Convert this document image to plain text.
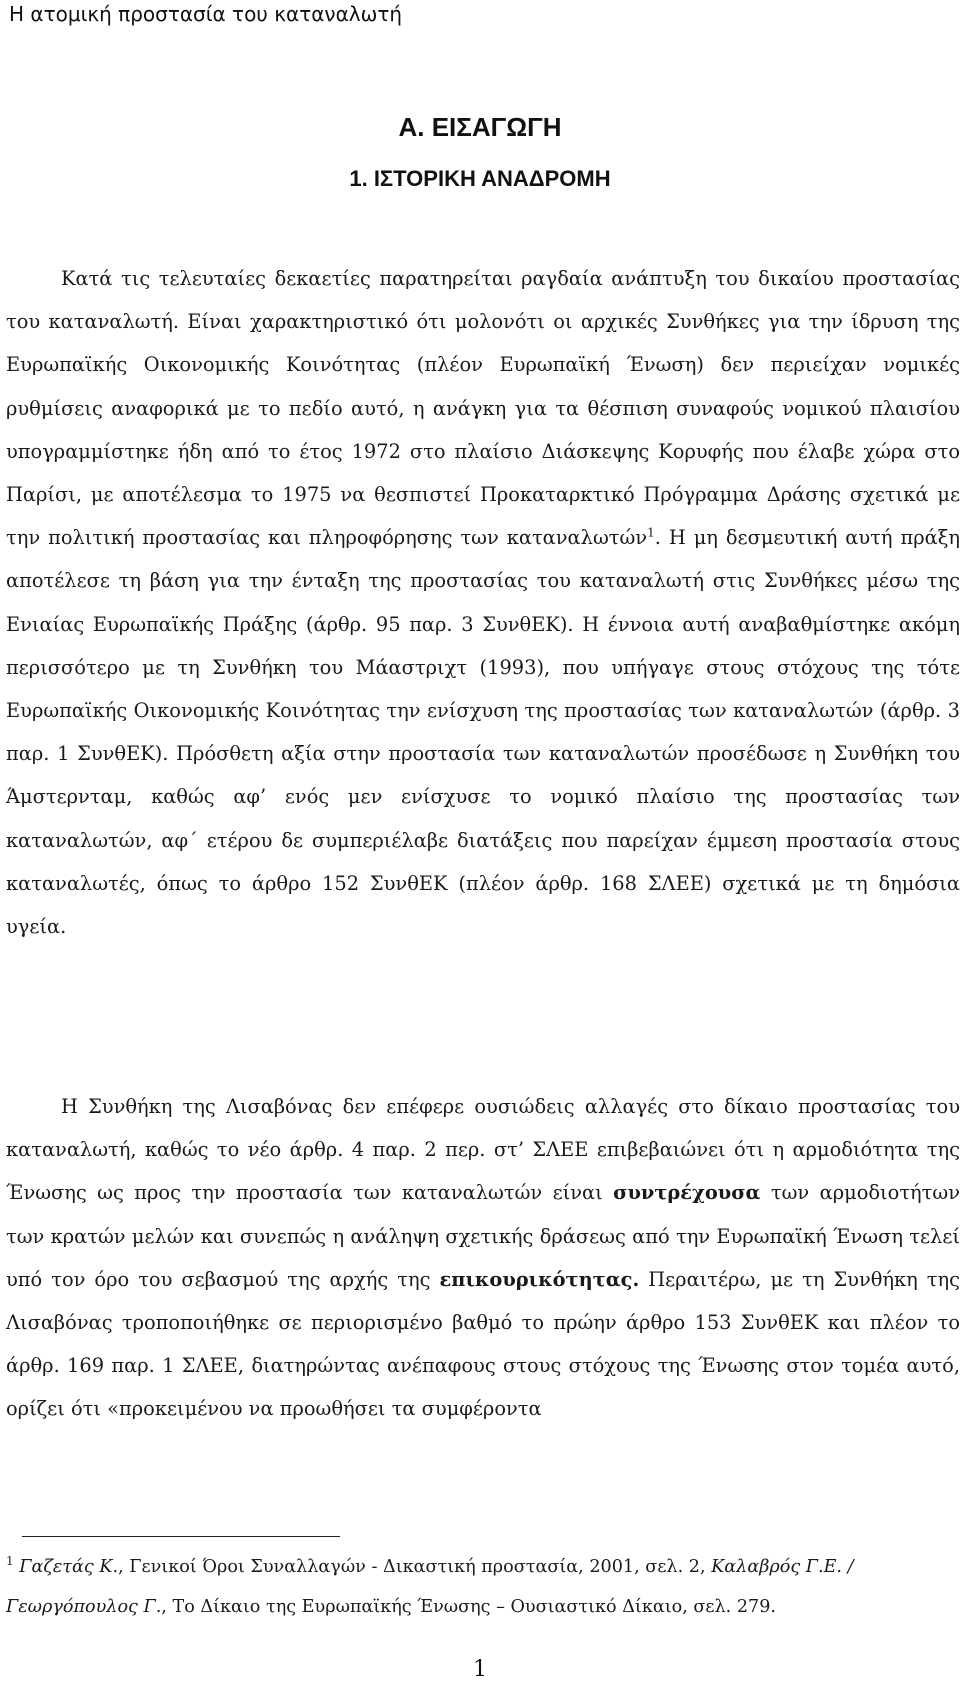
Η ατομική προστασία του καταναλωτή
Α. ΕΙΣΑΓΩΓΗ
1. ΙΣΤΟΡΙΚΗ ΑΝΑΔΡΟΜΗ

Κατά τις τελευταίες δεκαετίες παρατηρείται ραγδαία ανάπτυξη του δικαίου προστασίας του καταναλωτή. Είναι χαρακτηριστικό ότι μολονότι οι αρχικές Συνθήκες για την ίδρυση της Ευρωπαϊκής Οικονομικής Κοινότητας (πλέον Ευρωπαϊκή Ένωση) δεν περιείχαν νομικές ρυθμίσεις αναφορικά με το πεδίο αυτό, η ανάγκη για τα θέσπιση συναφούς νομικού πλαισίου υπογραμμίστηκε ήδη από το έτος 1972 στο πλαίσιο Διάσκεψης Κορυφής που έλαβε χώρα στο Παρίσι, με αποτέλεσμα το 1975 να θεσπιστεί Προκαταρκτικό Πρόγραμμα Δράσης σχετικά με την πολιτική προστασίας και πληροφόρησης των καταναλωτών$^1$. Η μη δεσμευτική αυτή πράξη αποτέλεσε τη βάση για την ένταξη της προστασίας του καταναλωτή στις Συνθήκες μέσω της Ενιαίας Ευρωπαϊκής Πράξης (άρθρ. 95 παρ. 3 ΣυνθΕΚ). Η έννοια αυτή αναβαθμίστηκε ακόμη περισσότερο με τη Συνθήκη του Μάαστριχτ (1993), που υπήγαγε στους στόχους της τότε Ευρωπαϊκής Οικονομικής Κοινότητας την ενίσχυση της προστασίας των καταναλωτών (άρθρ. 3 παρ. 1 ΣυνθΕΚ). Πρόσθετη αξία στην προστασία των καταναλωτών προσέδωσε η Συνθήκη του Άμστερνταμ, καθώς αφ’ ενός μεν ενίσχυσε το νομικό πλαίσιο της προστασίας των καταναλωτών, αφ΄ ετέρου δε συμπεριέλαβε διατάξεις που παρείχαν έμμεση προστασία στους καταναλωτές, όπως το άρθρο 152 ΣυνθΕΚ (πλέον άρθρ. 168 ΣΛΕΕ) σχετικά με τη δημόσια υγεία.

Η Συνθήκη της Λισαβόνας δεν επέφερε ουσιώδεις αλλαγές στο δίκαιο προστασίας του καταναλωτή, καθώς το νέο άρθρ. 4 παρ. 2 περ. στ’ ΣΛΕΕ επιβεβαιώνει ότι η αρμοδιότητα της Ένωσης ως προς την προστασία των καταναλωτών είναι συντρέχουσα των αρμοδιοτήτων των κρατών μελών και συνεπώς η ανάληψη σχετικής δράσεως από την Ευρωπαϊκή Ένωση τελεί υπό τον όρο του σεβασμού της αρχής της επικουρικότητας. Περαιτέρω, με τη Συνθήκη της Λισαβόνας τροποποιήθηκε σε περιορισμένο βαθμό το πρώην άρθρο 153 ΣυνθΕΚ και πλέον το άρθρ. 169 παρ. 1 ΣΛΕΕ, διατηρώντας ανέπαφους στους στόχους της Ένωσης στον τομέα αυτό, ορίζει ότι «προκειμένου να προωθήσει τα συμφέροντα

$^1$ Γαζετάς Κ., Γενικοί Όροι Συναλλαγών - Δικαστική προστασία, 2001, σελ. 2, Καλαβρός Γ.Ε. / Γεωργόπουλος Γ., Το Δίκαιο της Ευρωπαϊκής Ένωσης – Ουσιαστικό Δίκαιο, σελ. 279.
1
